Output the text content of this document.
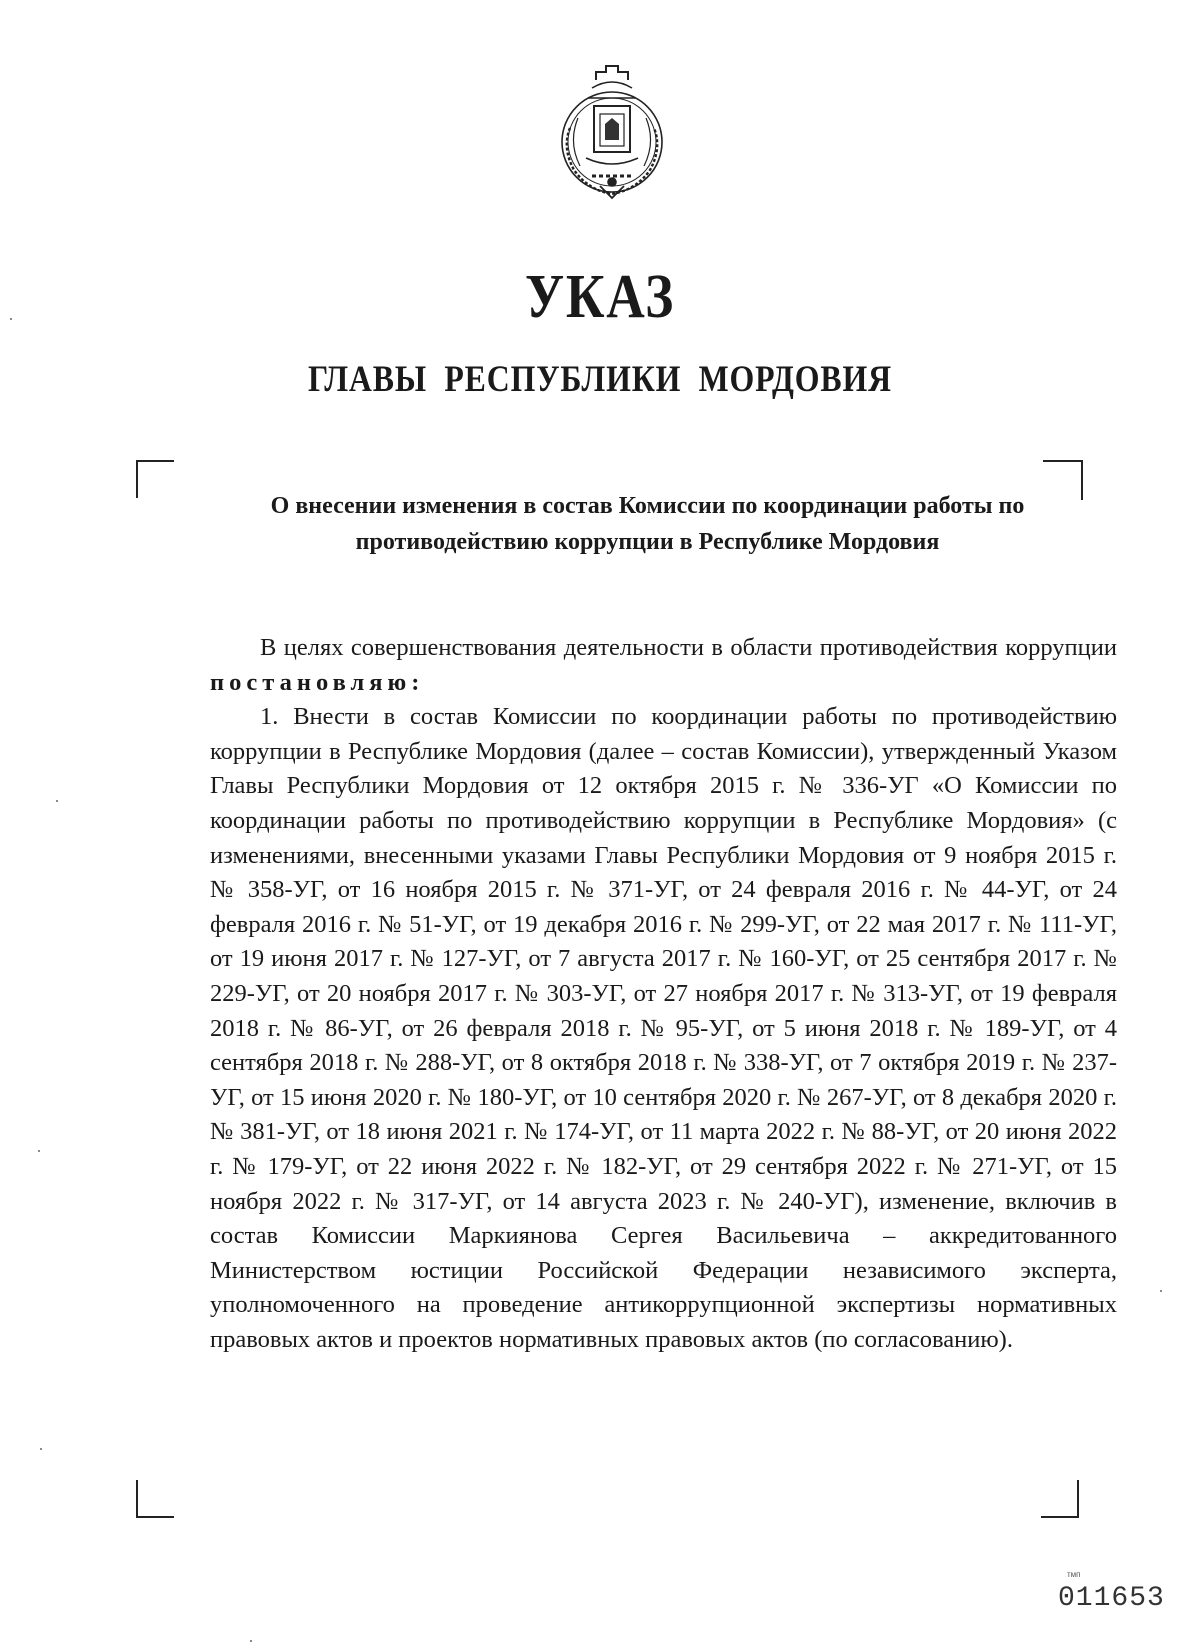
УКАЗ
ГЛАВЫ РЕСПУБЛИКИ МОРДОВИЯ
О внесении изменения в состав Комиссии по координации работы по
противодействию коррупции в Республике Мордовия

В целях совершенствования деятельности в области противодействия коррупции постановляю:

1. Внести в состав Комиссии по координации работы по противодействию коррупции в Республике Мордовия (далее – состав Комиссии), утвержденный Указом Главы Республики Мордовия от 12 октября 2015 г. № 336-УГ «О Комиссии по координации работы по противодействию коррупции в Республике Мордовия» (с изменениями, внесенными указами Главы Республики Мордовия от 9 ноября 2015 г. № 358-УГ, от 16 ноября 2015 г. № 371-УГ, от 24 февраля 2016 г. № 44-УГ, от 24 февраля 2016 г. № 51-УГ, от 19 декабря 2016 г. № 299-УГ, от 22 мая 2017 г. № 111-УГ, от 19 июня 2017 г. № 127-УГ, от 7 августа 2017 г. № 160-УГ, от 25 сентября 2017 г. № 229-УГ, от 20 ноября 2017 г. № 303-УГ, от 27 ноября 2017 г. № 313-УГ, от 19 февраля 2018 г. № 86-УГ, от 26 февраля 2018 г. № 95-УГ, от 5 июня 2018 г. № 189-УГ, от 4 сентября 2018 г. № 288-УГ, от 8 октября 2018 г. № 338-УГ, от 7 октября 2019 г. № 237-УГ, от 15 июня 2020 г. № 180-УГ, от 10 сентября 2020 г. № 267-УГ, от 8 декабря 2020 г. № 381-УГ, от 18 июня 2021 г. № 174-УГ, от 11 марта 2022 г. № 88-УГ, от 20 июня 2022 г. № 179-УГ, от 22 июня 2022 г. № 182-УГ, от 29 сентября 2022 г. № 271-УГ, от 15 ноября 2022 г. № 317-УГ, от 14 августа 2023 г. № 240-УГ), изменение, включив в состав Комиссии Маркиянова Сергея Васильевича – аккредитованного Министерством юстиции Российской Федерации независимого эксперта, уполномоченного на проведение антикоррупционной экспертизы нормативных правовых актов и проектов нормативных правовых актов (по согласованию).

тмп
011653
